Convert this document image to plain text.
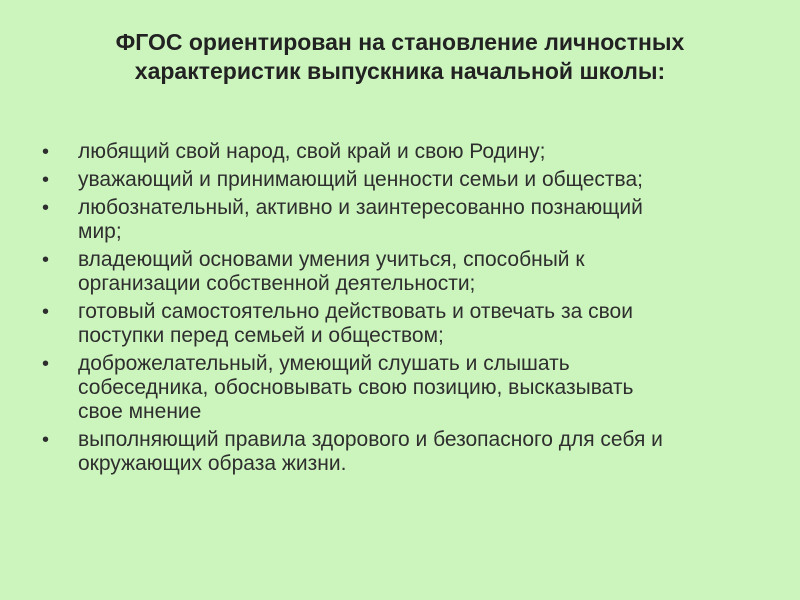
ФГОС ориентирован на становление личностных
характеристик выпускника начальной школы:
•	любящий свой народ, свой край и свою Родину;
•	уважающий и принимающий ценности семьи и общества;
•	любознательный, активно и заинтересованно познающий
мир;
•	владеющий основами умения учиться, способный к
организации собственной деятельности;
•	готовый самостоятельно действовать и отвечать за свои
поступки перед семьей и обществом;
•	доброжелательный, умеющий слушать и слышать
собеседника, обосновывать свою позицию, высказывать
свое мнение
•	выполняющий правила здорового и безопасного для себя и
окружающих образа жизни.
